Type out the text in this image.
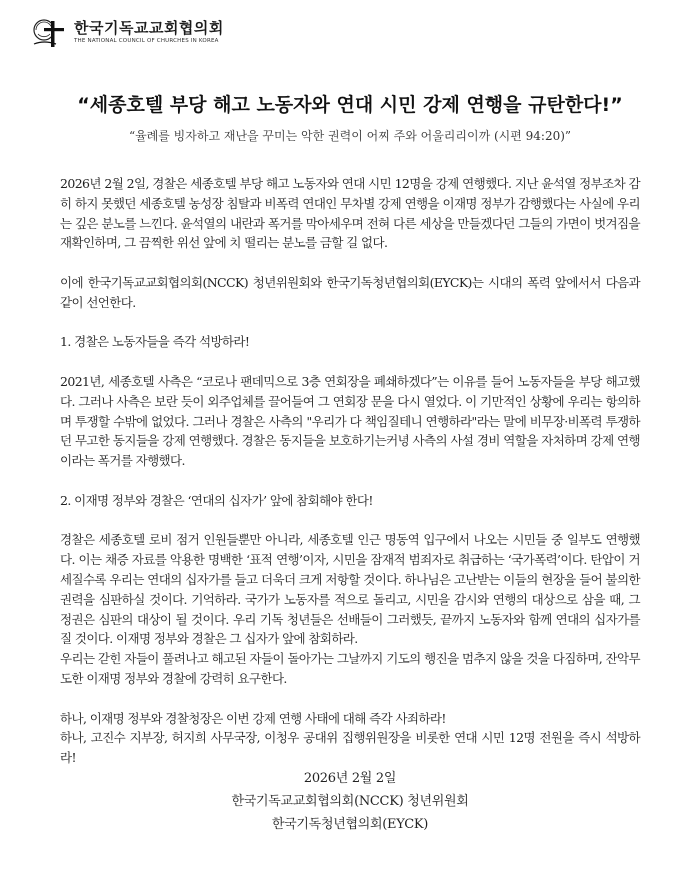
한국기독교교회협의회
THE NATIONAL COUNCIL OF CHURCHES IN KOREA
“세종호텔 부당 해고 노동자와 연대 시민 강제 연행을 규탄한다!”
“율례를 빙자하고 재난을 꾸미는 악한 권력이 어찌 주와 어울리리이까 (시편 94:20)”

2026년 2월 2일, 경찰은 세종호텔 부당 해고 노동자와 연대 시민 12명을 강제 연행했다. 지난 윤석열 정부조차 감히 하지 못했던 세종호텔 농성장 침탈과 비폭력 연대인 무차별 강제 연행을 이재명 정부가 감행했다는 사실에 우리는 깊은 분노를 느낀다. 윤석열의 내란과 폭거를 막아세우며 전혀 다른 세상을 만들겠다던 그들의 가면이 벗겨짐을 재확인하며, 그 끔찍한 위선 앞에 치 떨리는 분노를 금할 길 없다.

이에 한국기독교교회협의회(NCCK) 청년위원회와 한국기독청년협의회(EYCK)는 시대의 폭력 앞에서서 다음과 같이 선언한다.

1. 경찰은 노동자들을 즉각 석방하라!

2021년, 세종호텔 사측은 “코로나 팬데믹으로 3층 연회장을 폐쇄하겠다”는 이유를 들어 노동자들을 부당 해고했다. 그러나 사측은 보란 듯이 외주업체를 끌어들여 그 연회장 문을 다시 열었다. 이 기만적인 상황에 우리는 항의하며 투쟁할 수밖에 없었다. 그러나 경찰은 사측의 "우리가 다 책임질테니 연행하라"라는 말에 비무장·비폭력 투쟁하던 무고한 동지들을 강제 연행했다. 경찰은 동지들을 보호하기는커녕 사측의 사설 경비 역할을 자처하며 강제 연행이라는 폭거를 자행했다.

2. 이재명 정부와 경찰은 ‘연대의 십자가’ 앞에 참회해야 한다!

경찰은 세종호텔 로비 점거 인원들뿐만 아니라, 세종호텔 인근 명동역 입구에서 나오는 시민들 중 일부도 연행했다. 이는 채증 자료를 악용한 명백한 ‘표적 연행’이자, 시민을 잠재적 범죄자로 취급하는 ‘국가폭력’이다. 탄압이 거세질수록 우리는 연대의 십자가를 들고 더욱더 크게 저항할 것이다. 하나님은 고난받는 이들의 현장을 들어 불의한 권력을 심판하실 것이다. 기억하라. 국가가 노동자를 적으로 돌리고, 시민을 감시와 연행의 대상으로 삼을 때, 그 정권은 심판의 대상이 될 것이다. 우리 기독 청년들은 선배들이 그러했듯, 끝까지 노동자와 함께 연대의 십자가를 질 것이다. 이재명 정부와 경찰은 그 십자가 앞에 참회하라.

우리는 갇힌 자들이 풀려나고 해고된 자들이 돌아가는 그날까지 기도의 행진을 멈추지 않을 것을 다짐하며, 잔악무도한 이재명 정부와 경찰에 강력히 요구한다.

하나, 이재명 정부와 경찰청장은 이번 강제 연행 사태에 대해 즉각 사죄하라!

하나, 고진수 지부장, 허지희 사무국장, 이청우 공대위 집행위원장을 비롯한 연대 시민 12명 전원을 즉시 석방하라!

2026년 2월 2일
한국기독교교회협의회(NCCK) 청년위원회
한국기독청년협의회(EYCK)
